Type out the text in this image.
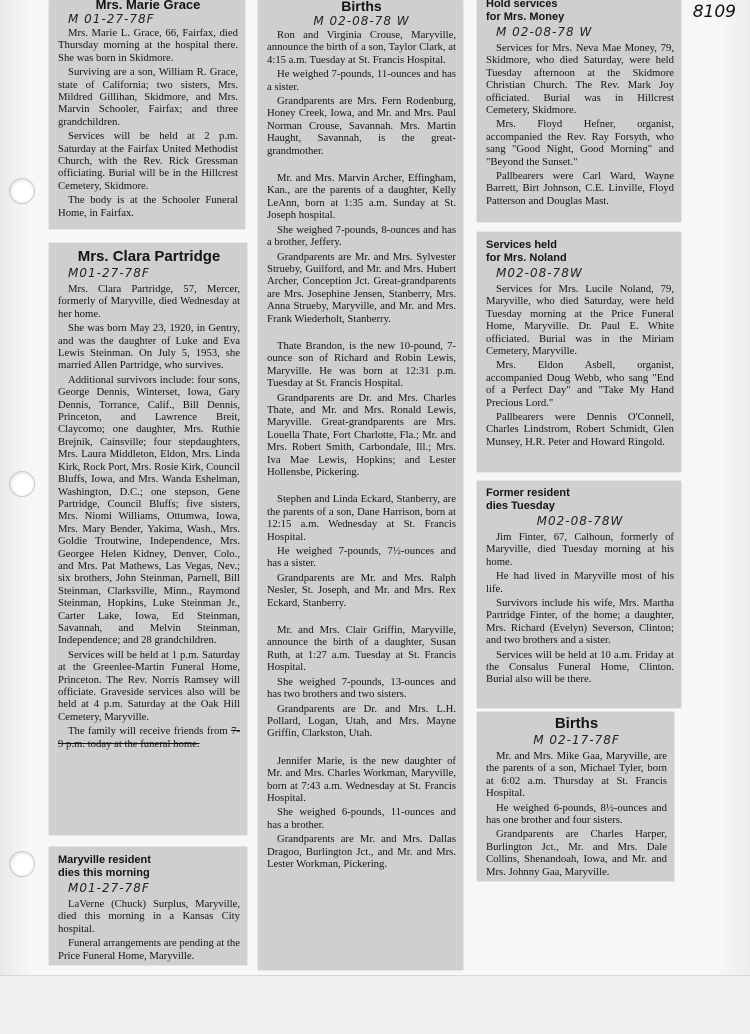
8109
Mrs. Marie Grace
M 01-27-78F

Mrs. Marie L. Grace, 66, Fairfax, died Thursday morning at the hospital there. She was born in Skidmore.

Surviving are a son, William R. Grace, state of California; two sisters, Mrs. Mildred Gillihan, Skidmore, and Mrs. Marvin Schooler, Fairfax; and three grandchildren.

Services will be held at 2 p.m. Saturday at the Fairfax United Methodist Church, with the Rev. Rick Gressman officiating. Burial will be in the Hillcrest Cemetery, Skidmore.

The body is at the Schooler Funeral Home, in Fairfax.

Mrs. Clara Partridge
M01-27-78F

Mrs. Clara Partridge, 57, Mercer, formerly of Maryville, died Wednesday at her home.

She was born May 23, 1920, in Gentry, and was the daughter of Luke and Eva Lewis Steinman. On July 5, 1953, she married Allen Partridge, who survives.

Additional survivors include: four sons, George Dennis, Winterset, Iowa, Gary Dennis, Torrance, Calif., Bill Dennis, Princeton, and Lawrence Breit, Claycomo; one daughter, Mrs. Ruthie Brejnik, Cainsville; four stepdaughters, Mrs. Laura Middleton, Eldon, Mrs. Linda Kirk, Rock Port, Mrs. Rosie Kirk, Council Bluffs, Iowa, and Mrs. Wanda Eshelman, Washington, D.C.; one stepson, Gene Partridge, Council Bluffs; five sisters, Mrs. Niomi Williams, Ottumwa, Iowa, Mrs. Mary Bender, Yakima, Wash., Mrs. Goldie Troutwine, Independence, Mrs. Georgee Helen Kidney, Denver, Colo., and Mrs. Pat Mathews, Las Vegas, Nev.; six brothers, John Steinman, Parnell, Bill Steinman, Clarksville, Minn., Raymond Steinman, Hopkins, Luke Steinman Jr., Carter Lake, Iowa, Ed Steinman, Savannah, and Melvin Steinman, Independence; and 28 grandchildren.

Services will be held at 1 p.m. Saturday at the Greenlee-Martin Funeral Home, Princeton. The Rev. Norris Ramsey will officiate. Graveside services also will be held at 4 p.m. Saturday at the Oak Hill Cemetery, Maryville.

The family will receive friends from 7-9 p.m. today at the funeral home.

Maryville resident
dies this morning
M01-27-78F

LaVerne (Chuck) Surplus, Maryville, died this morning in a Kansas City hospital.

Funeral arrangements are pending at the Price Funeral Home, Maryville.

Births
M 02-08-78 W

Ron and Virginia Crouse, Maryville, announce the birth of a son, Taylor Clark, at 4:15 a.m. Tuesday at St. Francis Hospital.

He weighed 7-pounds, 11-ounces and has a sister.

Grandparents are Mrs. Fern Rodenburg, Honey Creek, Iowa, and Mr. and Mrs. Paul Norman Crouse, Savannah. Mrs. Martin Haught, Savannah, is the great-grandmother.

Mr. and Mrs. Marvin Archer, Effingham, Kan., are the parents of a daughter, Kelly LeAnn, born at 1:35 a.m. Sunday at St. Joseph hospital.

She weighed 7-pounds, 8-ounces and has a brother, Jeffery.

Grandparents are Mr. and Mrs. Sylvester Strueby, Guilford, and Mr. and Mrs. Hubert Archer, Conception Jct. Great-grandparents are Mrs. Josephine Jensen, Stanberry, Mrs. Anna Strueby, Maryville, and Mr. and Mrs. Frank Wiederholt, Stanberry.

Thate Brandon, is the new 10-pound, 7-ounce son of Richard and Robin Lewis, Maryville. He was born at 12:31 p.m. Tuesday at St. Francis Hospital.

Grandparents are Dr. and Mrs. Charles Thate, and Mr. and Mrs. Ronald Lewis, Maryville. Great-grandparents are Mrs. Louella Thate, Fort Charlotte, Fla.; Mr. and Mrs. Robert Smith, Carbondale, Ill.; Mrs. Iva Mae Lewis, Hopkins; and Lester Hollensbe, Pickering.

Stephen and Linda Eckard, Stanberry, are the parents of a son, Dane Harrison, born at 12:15 a.m. Wednesday at St. Francis Hospital.

He weighed 7-pounds, 7½-ounces and has a sister.

Grandparents are Mr. and Mrs. Ralph Nesler, St. Joseph, and Mr. and Mrs. Rex Eckard, Stanberry.

Mr. and Mrs. Clair Griffin, Maryville, announce the birth of a daughter, Susan Ruth, at 1:27 a.m. Tuesday at St. Francis Hospital.

She weighed 7-pounds, 13-ounces and has two brothers and two sisters.

Grandparents are Dr. and Mrs. L.H. Pollard, Logan, Utah, and Mrs. Mayne Griffin, Clarkston, Utah.

Jennifer Marie, is the new daughter of Mr. and Mrs. Charles Workman, Maryville, born at 7:43 a.m. Wednesday at St. Francis Hospital.

She weighed 6-pounds, 11-ounces and has a brother.

Grandparents are Mr. and Mrs. Dallas Dragoo, Burlington Jct., and Mr. and Mrs. Lester Workman, Pickering.

Hold services
for Mrs. Money
M 02-08-78 W

Services for Mrs. Neva Mae Money, 79, Skidmore, who died Saturday, were held Tuesday afternoon at the Skidmore Christian Church. The Rev. Mark Joy officiated. Burial was in Hillcrest Cemetery, Skidmore.

Mrs. Floyd Hefner, organist, accompanied the Rev. Ray Forsyth, who sang "Good Night, Good Morning" and "Beyond the Sunset."

Pallbearers were Carl Ward, Wayne Barrett, Birt Johnson, C.E. Linville, Floyd Patterson and Douglas Mast.

Services held
for Mrs. Noland
M02-08-78W

Services for Mrs. Lucile Noland, 79, Maryville, who died Saturday, were held Tuesday morning at the Price Funeral Home, Maryville. Dr. Paul E. White officiated. Burial was in the Miriam Cemetery, Maryville.

Mrs. Eldon Asbell, organist, accompanied Doug Webb, who sang "End of a Perfect Day" and "Take My Hand Precious Lord."

Pallbearers were Dennis O'Connell, Charles Lindstrom, Robert Schmidt, Glen Munsey, H.R. Peter and Howard Ringold.

Former resident
dies Tuesday
M02-08-78W

Jim Finter, 67, Calhoun, formerly of Maryville, died Tuesday morning at his home.

He had lived in Maryville most of his life.

Survivors include his wife, Mrs. Martha Partridge Finter, of the home; a daughter, Mrs. Richard (Evelyn) Severson, Clinton; and two brothers and a sister.

Services will be held at 10 a.m. Friday at the Consalus Funeral Home, Clinton. Burial also will be there.

Births
M 02-17-78F

Mr. and Mrs. Mike Gaa, Maryville, are the parents of a son, Michael Tyler, born at 6:02 a.m. Thursday at St. Francis Hospital.

He weighed 6-pounds, 8½-ounces and has one brother and four sisters.

Grandparents are Charles Harper, Burlington Jct., Mr. and Mrs. Dale Collins, Shenandoah, Iowa, and Mr. and Mrs. Johnny Gaa, Maryville.
